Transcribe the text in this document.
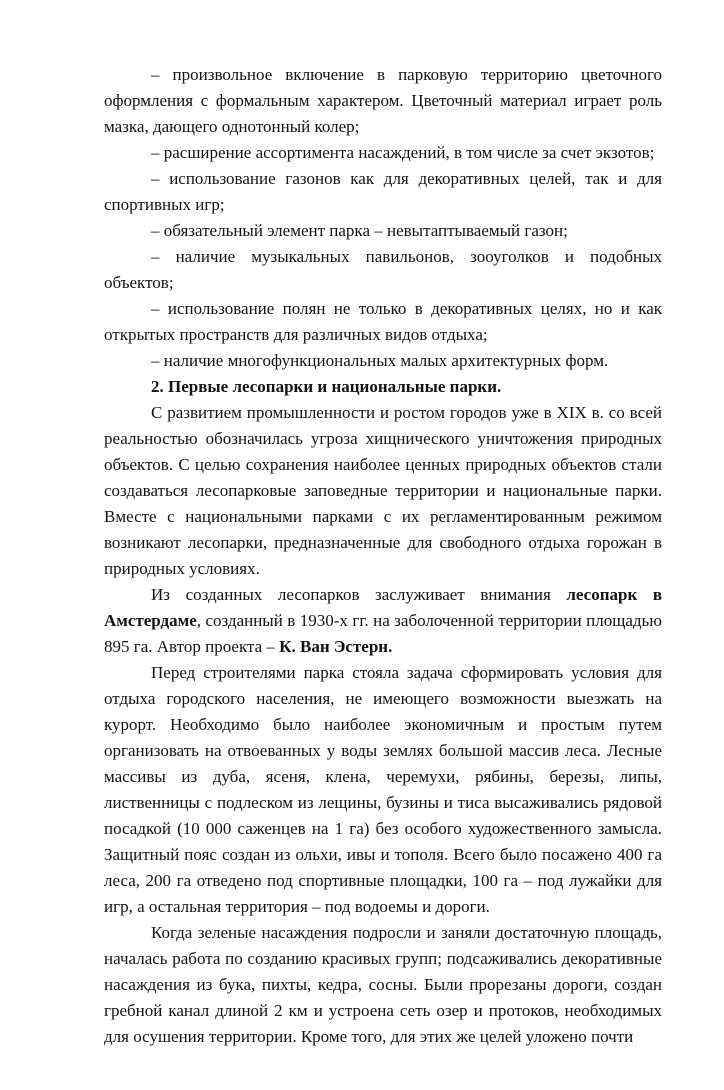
– произвольное включение в парковую территорию цветочного оформления с формальным характером. Цветочный материал играет роль мазка, дающего однотонный колер;

– расширение ассортимента насаждений, в том числе за счет экзотов;

– использование газонов как для декоративных целей, так и для спортивных игр;

– обязательный элемент парка – невытаптываемый газон;

– наличие музыкальных павильонов, зооуголков и подобных объектов;

– использование полян не только в декоративных целях, но и как открытых пространств для различных видов отдыха;

– наличие многофункциональных малых архитектурных форм.

2. Первые лесопарки и национальные парки.

С развитием промышленности и ростом городов уже в XIX в. со всей реальностью обозначилась угроза хищнического уничтожения природных объектов. С целью сохранения наиболее ценных природных объектов стали создаваться лесопарковые заповедные территории и национальные парки. Вместе с национальными парками с их регламентированным режимом возникают лесопарки, предназначенные для свободного отдыха горожан в природных условиях.

Из созданных лесопарков заслуживает внимания лесопарк в Амстердаме, созданный в 1930-х гг. на заболоченной территории площадью 895 га. Автор проекта – К. Ван Эстерн.

Перед строителями парка стояла задача сформировать условия для отдыха городского населения, не имеющего возможности выезжать на курорт. Необходимо было наиболее экономичным и простым путем организовать на отвоеванных у воды землях большой массив леса. Лесные массивы из дуба, ясеня, клена, черемухи, рябины, березы, липы, лиственницы с подлеском из лещины, бузины и тиса высаживались рядовой посадкой (10 000 саженцев на 1 га) без особого художественного замысла. Защитный пояс создан из ольхи, ивы и тополя. Всего было посажено 400 га леса, 200 га отведено под спортивные площадки, 100 га – под лужайки для игр, а остальная территория – под водоемы и дороги.

Когда зеленые насаждения подросли и заняли достаточную площадь, началась работа по созданию красивых групп; подсаживались декоративные насаждения из бука, пихты, кедра, сосны. Были прорезаны дороги, создан гребной канал длиной 2 км и устроена сеть озер и протоков, необходимых для осушения территории. Кроме того, для этих же целей уложено почти
